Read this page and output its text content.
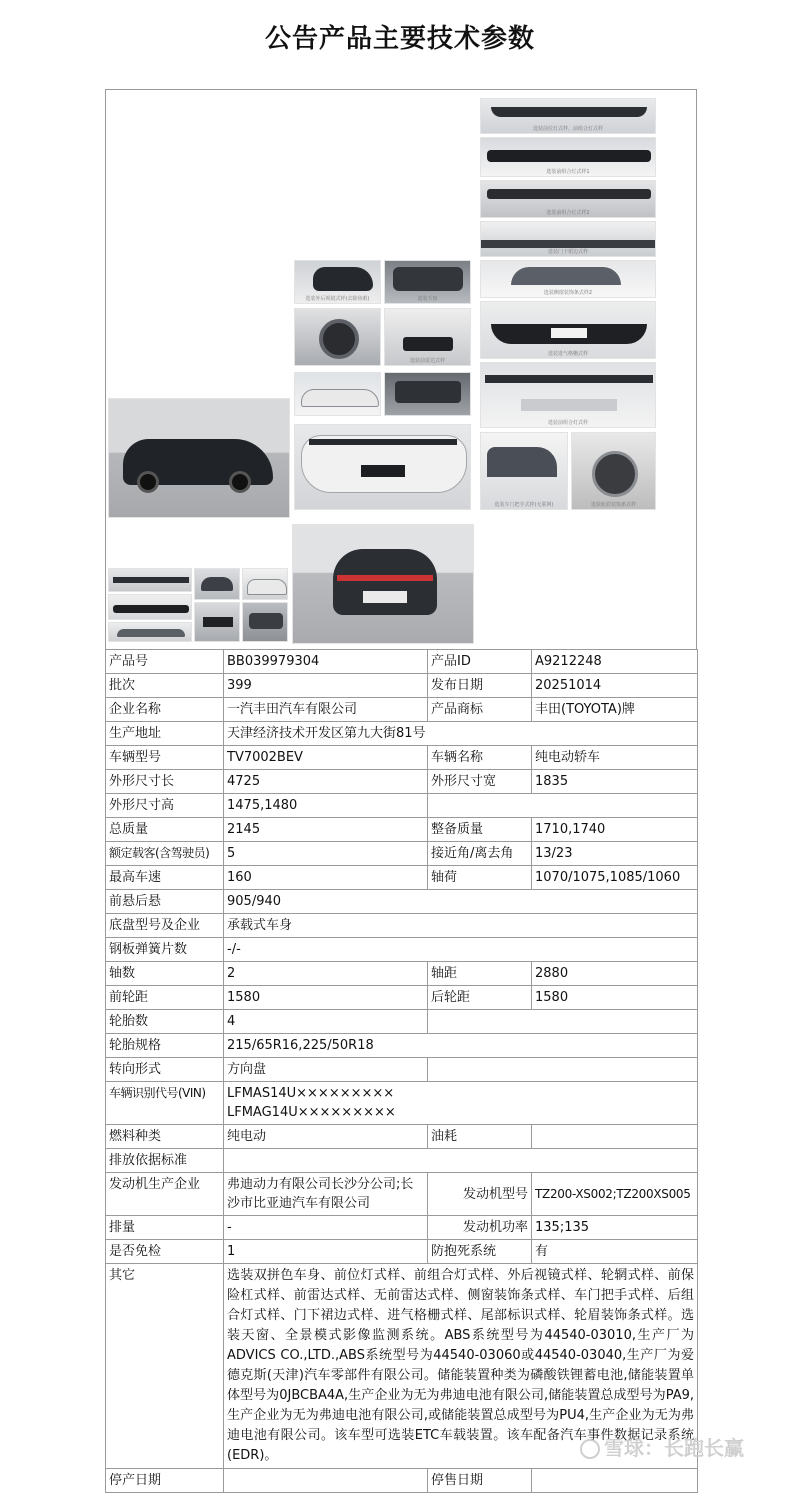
公告产品主要技术参数
选装前位灯式样、前组合灯式样
选装前组合灯式样1
选装前组合灯式样2
选装门下裙边式样
选装侧窗装饰条式样2
选装进气格栅式样
选装前组合灯式样
选装车门把手式样(无联网)	选装轮眉装饰条式样
选装外后视镜式样(去除鱼眼)	选装天窗
选装前雷达式样
产品号	BB039979304	产品ID	A9212248
批次	399	发布日期	20251014
企业名称	一汽丰田汽车有限公司	产品商标	丰田(TOYOTA)牌
生产地址	天津经济技术开发区第九大街81号		
车辆型号	TV7002BEV	车辆名称	纯电动轿车
外形尺寸长	4725	外形尺寸宽	1835
外形尺寸高	1475,1480		
总质量	2145	整备质量	1710,1740
额定载客(含驾驶员)	5	接近角/离去角	13/23
最高车速	160	轴荷	1070/1075,1085/1060
前悬后悬	905/940		
底盘型号及企业	承载式车身		
钢板弹簧片数	-/-		
轴数	2	轴距	2880
前轮距	1580	后轮距	1580
轮胎数	4		
轮胎规格	215/65R16,225/50R18		
转向形式	方向盘		
车辆识别代号(VIN)	LFMAS14U×××××××××
LFMAG14U×××××××××		

燃料种类	纯电动	油耗	
排放依据标准			
发动机生产企业	弗迪动力有限公司长沙分公司;长沙市比亚迪汽车有限公司	发动机型号	TZ200-XS002;TZ200XS005
排量	-	发动机功率	135;135
是否免检	1	防抱死系统	有
其它	选装双拼色车身、前位灯式样、前组合灯式样、外后视镜式样、轮辋式样、前保险杠式样、前雷达式样、无前雷达式样、侧窗装饰条式样、车门把手式样、后组合灯式样、门下裙边式样、进气格栅式样、尾部标识式样、轮眉装饰条式样。选装天窗、全景模式影像监测系统。ABS系统型号为44540-03010,生产厂为ADVICS CO.,LTD.,ABS系统型号为44540-03060或44540-03040,生产厂为爱德克斯(天津)汽车零部件有限公司。储能装置种类为磷酸铁锂蓄电池,储能装置单体型号为0JBCBA4A,生产企业为无为弗迪电池有限公司,储能装置总成型号为PA9,生产企业为无为弗迪电池有限公司,或储能装置总成型号为PU4,生产企业为无为弗迪电池有限公司。该车型可选装ETC车载装置。该车配备汽车事件数据记录系统(EDR)。		
停产日期		停售日期	
雪球：长跑长赢
